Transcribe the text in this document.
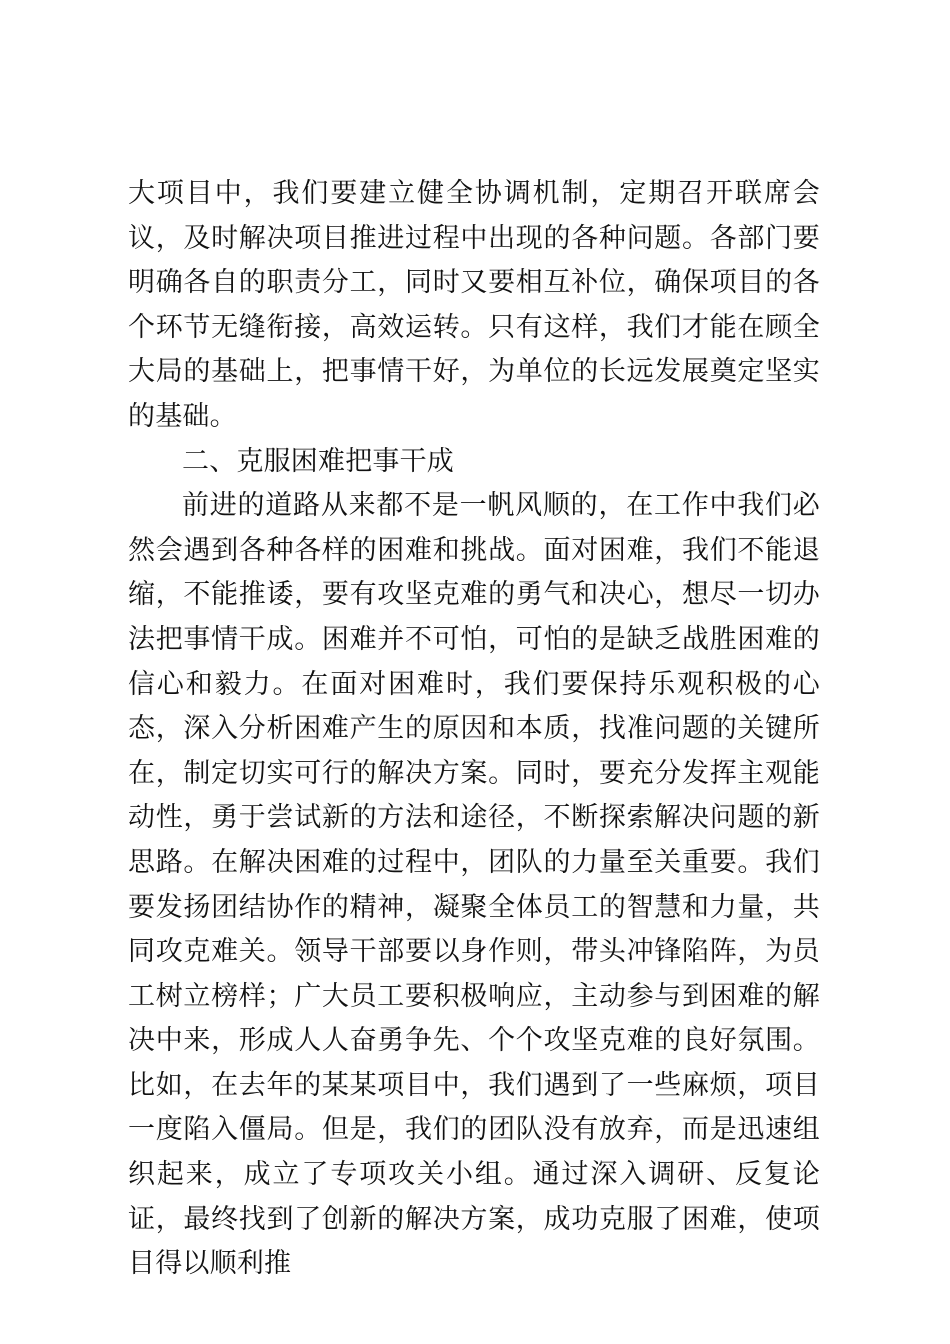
大项目中，我们要建立健全协调机制，定期召开联席会议，及时解决项目推进过程中出现的各种问题。各部门要明确各自的职责分工，同时又要相互补位，确保项目的各个环节无缝衔接，高效运转。只有这样，我们才能在顾全大局的基础上，把事情干好，为单位的长远发展奠定坚实的基础。

二、克服困难把事干成

前进的道路从来都不是一帆风顺的，在工作中我们必然会遇到各种各样的困难和挑战。面对困难，我们不能退缩，不能推诿，要有攻坚克难的勇气和决心，想尽一切办法把事情干成。困难并不可怕，可怕的是缺乏战胜困难的信心和毅力。在面对困难时，我们要保持乐观积极的心态，深入分析困难产生的原因和本质，找准问题的关键所在，制定切实可行的解决方案。同时，要充分发挥主观能动性，勇于尝试新的方法和途径，不断探索解决问题的新思路。在解决困难的过程中，团队的力量至关重要。我们要发扬团结协作的精神，凝聚全体员工的智慧和力量，共同攻克难关。领导干部要以身作则，带头冲锋陷阵，为员工树立榜样；广大员工要积极响应，主动参与到困难的解决中来，形成人人奋勇争先、个个攻坚克难的良好氛围。比如，在去年的某某项目中，我们遇到了一些麻烦，项目一度陷入僵局。但是，我们的团队没有放弃，而是迅速组织起来，成立了专项攻关小组。通过深入调研、反复论证，最终找到了创新的解决方案，成功克服了困难，使项目得以顺利推
